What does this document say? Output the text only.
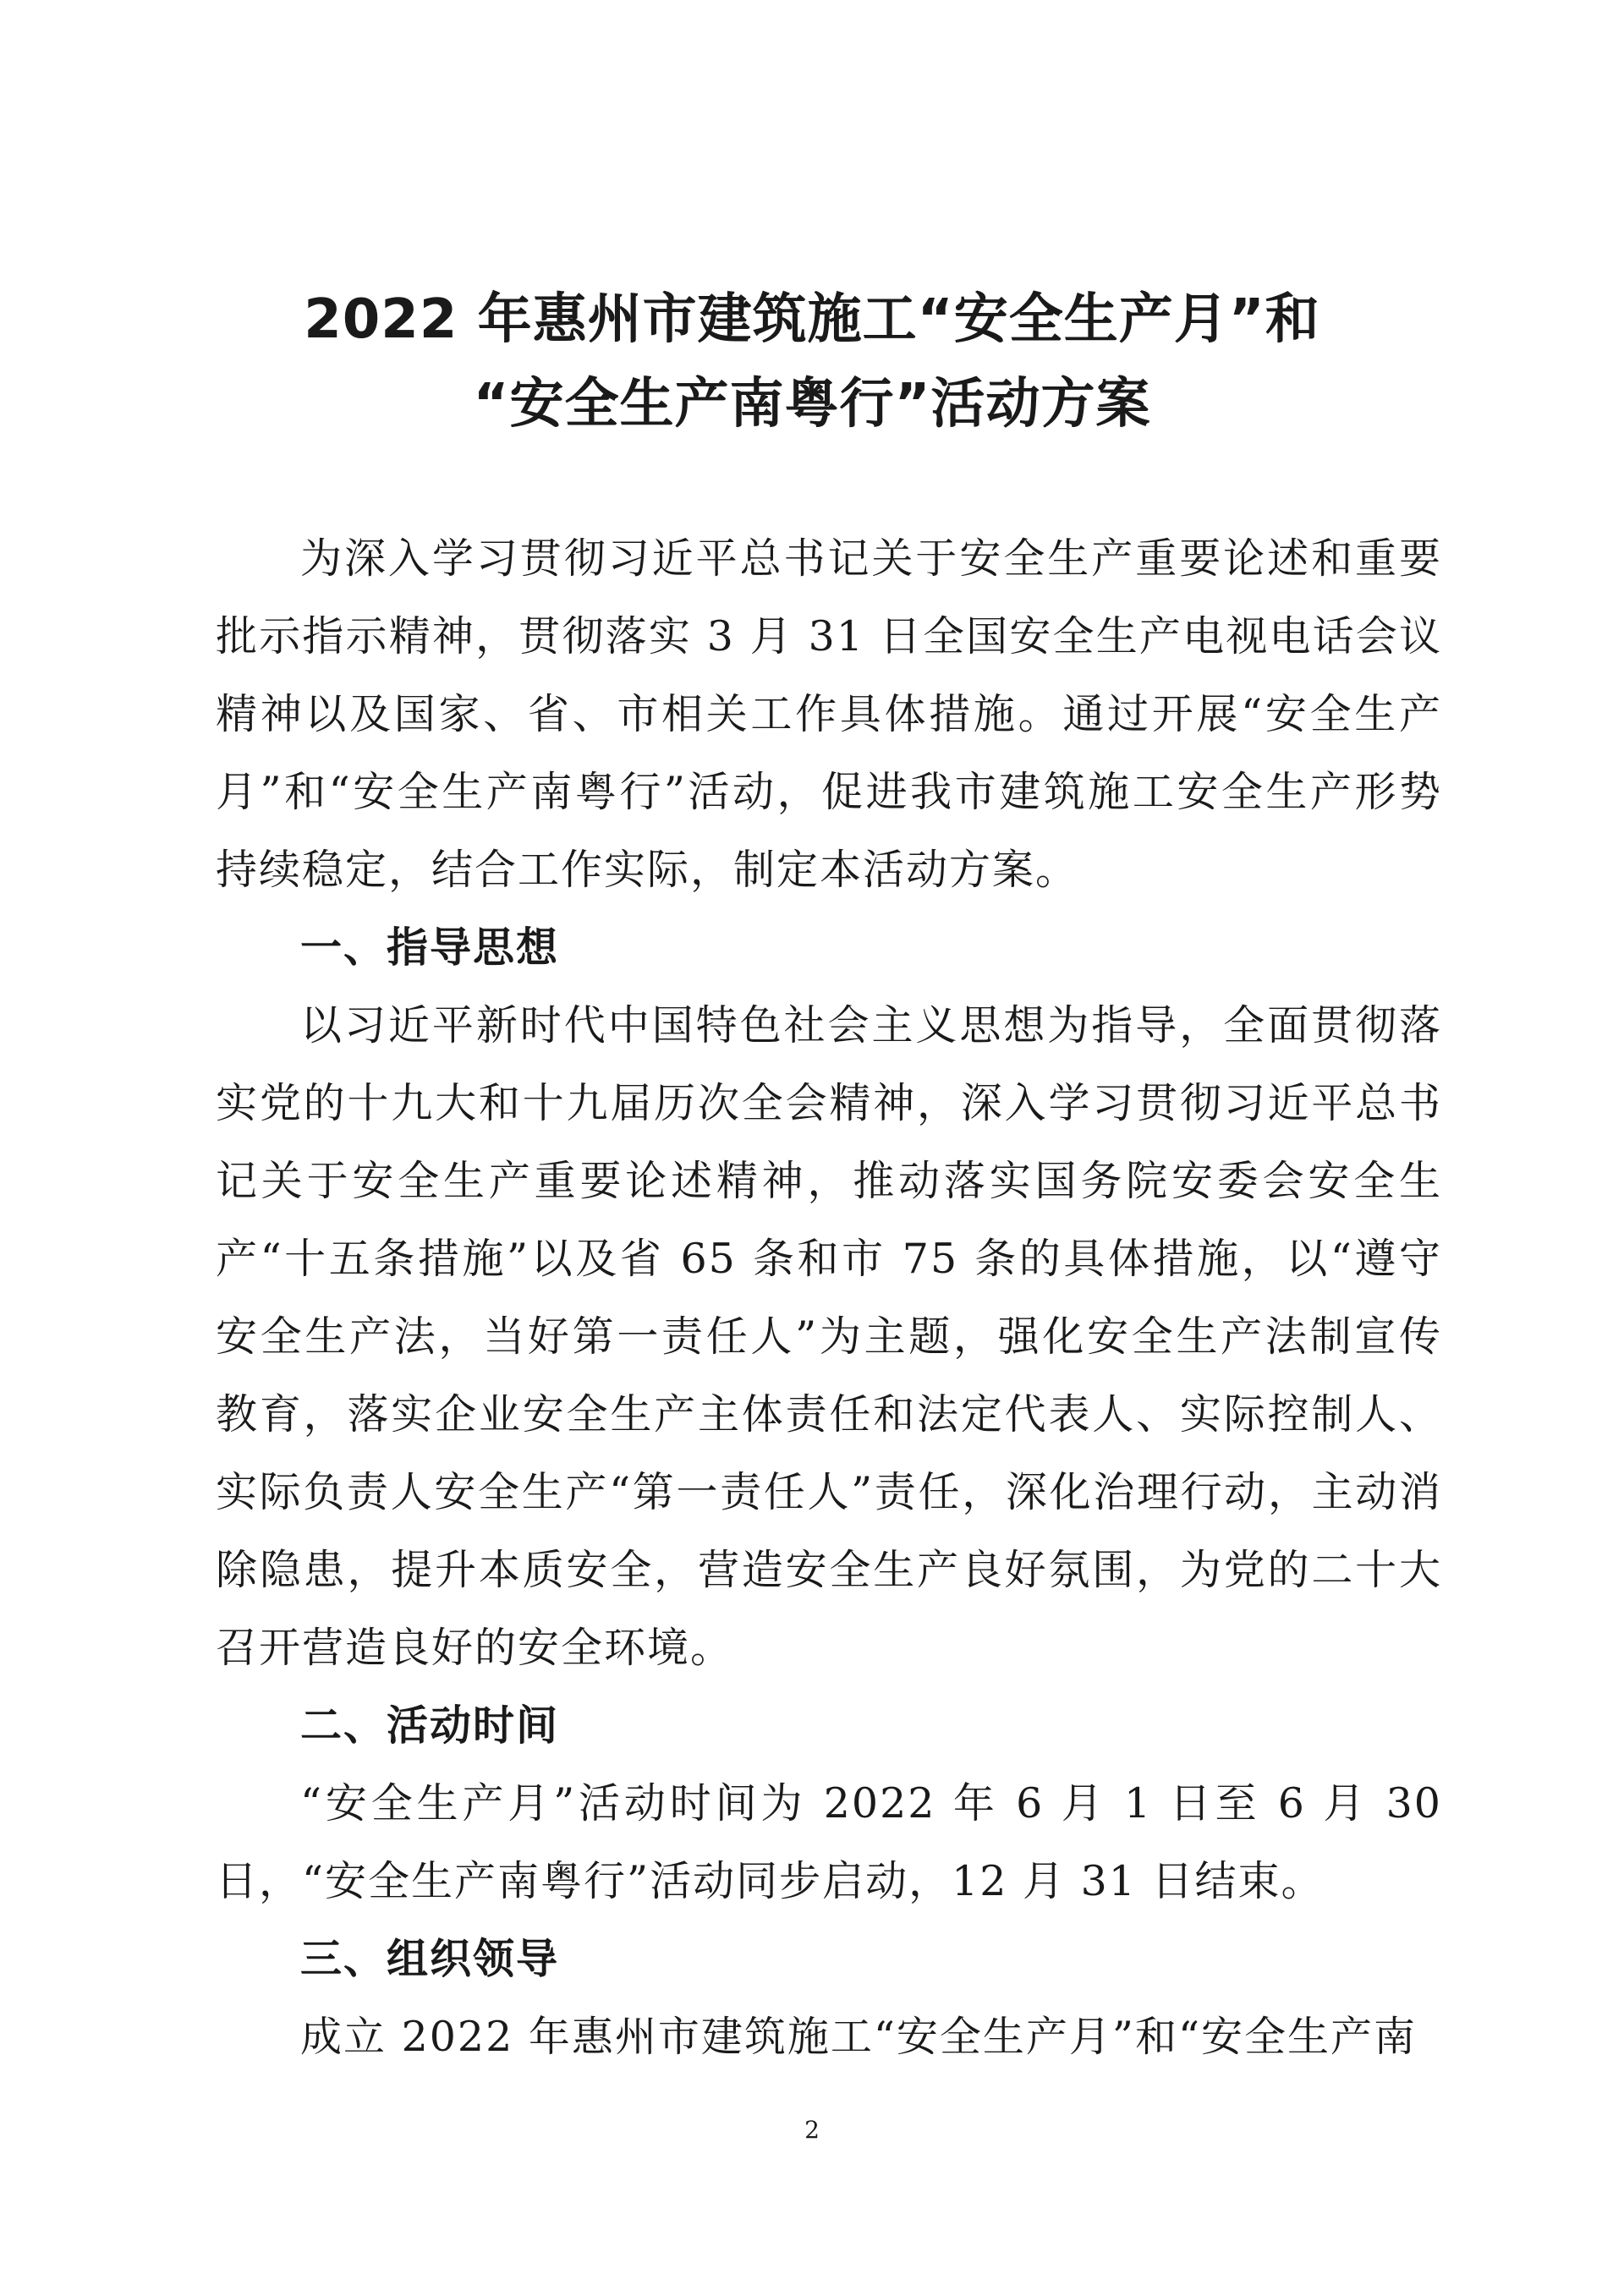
2022 年惠州市建筑施工“安全生产月”和
“安全生产南粤行”活动方案

为深入学习贯彻习近平总书记关于安全生产重要论述和重要批示指示精神，贯彻落实 3 月 31 日全国安全生产电视电话会议精神以及国家、省、市相关工作具体措施。通过开展“安全生产月”和“安全生产南粤行”活动，促进我市建筑施工安全生产形势持续稳定，结合工作实际，制定本活动方案。

一、指导思想

以习近平新时代中国特色社会主义思想为指导，全面贯彻落实党的十九大和十九届历次全会精神，深入学习贯彻习近平总书记关于安全生产重要论述精神，推动落实国务院安委会安全生产“十五条措施”以及省 65 条和市 75 条的具体措施，以“遵守安全生产法，当好第一责任人”为主题，强化安全生产法制宣传教育，落实企业安全生产主体责任和法定代表人、实际控制人、实际负责人安全生产“第一责任人”责任，深化治理行动，主动消除隐患，提升本质安全，营造安全生产良好氛围，为党的二十大召开营造良好的安全环境。

二、活动时间

“安全生产月”活动时间为 2022 年 6 月 1 日至 6 月 30 日，“安全生产南粤行”活动同步启动，12 月 31 日结束。

三、组织领导

成立 2022 年惠州市建筑施工“安全生产月”和“安全生产南

2
